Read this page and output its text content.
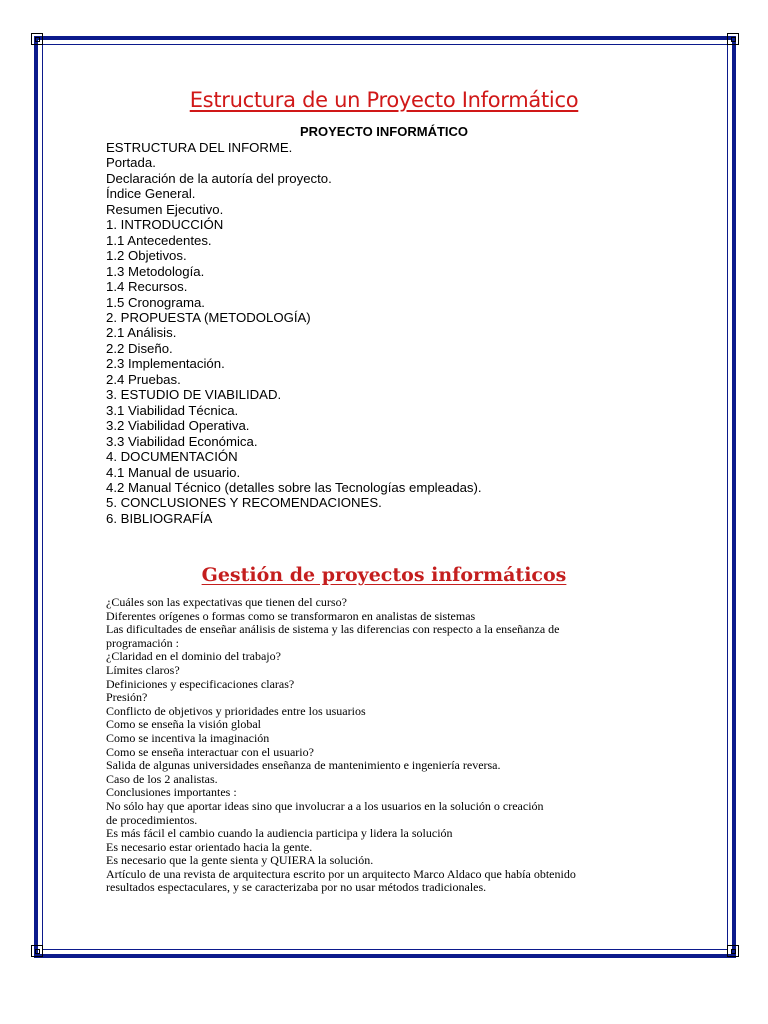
Estructura de un Proyecto Informático
PROYECTO INFORMÁTICO
ESTRUCTURA DEL INFORME.
Portada.
Declaración de la autoría del proyecto.
Índice General.
Resumen Ejecutivo.
1. INTRODUCCIÓN
1.1 Antecedentes.
1.2 Objetivos.
1.3 Metodología.
1.4 Recursos.
1.5 Cronograma.
2. PROPUESTA (METODOLOGÍA)
2.1 Análisis.
2.2 Diseño.
2.3 Implementación.
2.4 Pruebas.
3. ESTUDIO DE VIABILIDAD.
3.1 Viabilidad Técnica.
3.2 Viabilidad Operativa.
3.3 Viabilidad Económica.
4. DOCUMENTACIÓN
4.1 Manual de usuario.
4.2 Manual Técnico (detalles sobre las Tecnologías empleadas).
5. CONCLUSIONES Y RECOMENDACIONES.
6. BIBLIOGRAFÍA
Gestión de proyectos informáticos
¿Cuáles son las expectativas que tienen del curso?
Diferentes orígenes o formas como se transformaron en analistas de sistemas
Las dificultades de enseñar análisis de sistema y las diferencias con respecto a la enseñanza de
programación :
¿Claridad en el dominio del trabajo?
Límites claros?
Definiciones y especificaciones claras?
Presión?
Conflicto de objetivos y prioridades entre los usuarios
Como se enseña la visión global
Como se incentiva la imaginación
Como se enseña interactuar con el usuario?
Salida de algunas universidades enseñanza de mantenimiento e ingeniería reversa.
Caso de los 2 analistas.
Conclusiones importantes :
No sólo hay que aportar ideas sino que involucrar a a los usuarios en la solución o creación
de procedimientos.
Es más fácil el cambio cuando la audiencia participa y lidera la solución
Es necesario estar orientado hacia la gente.
Es necesario que la gente sienta y QUIERA la solución.
Artículo de una revista de arquitectura escrito por un arquitecto Marco Aldaco que había obtenido
resultados espectaculares, y se caracterizaba por no usar métodos tradicionales.
